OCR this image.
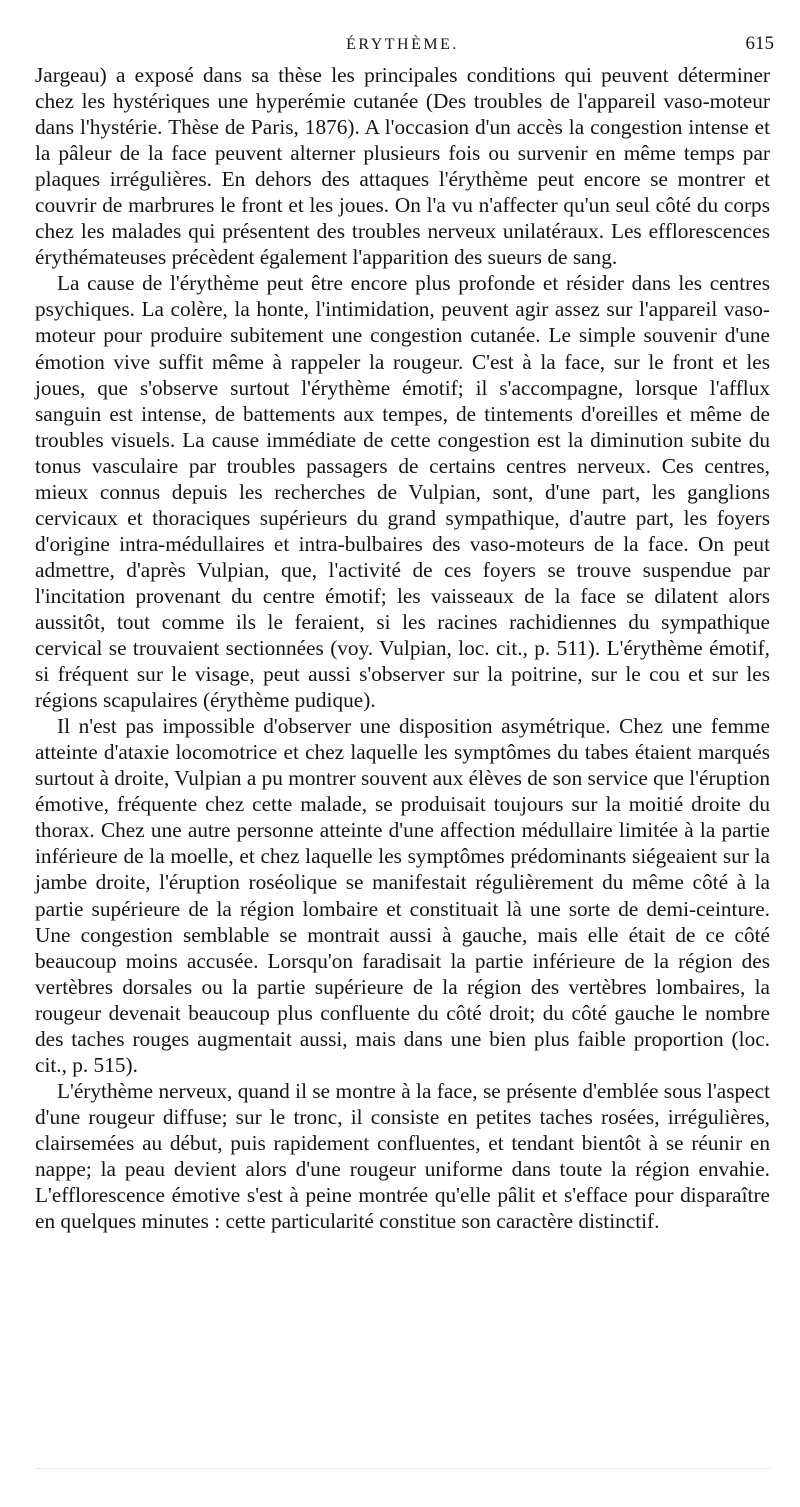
ÉRYTHÈME.	615

Jargeau) a exposé dans sa thèse les principales conditions qui peuvent déterminer chez les hystériques une hyperémie cutanée (Des troubles de l'appareil vaso-moteur dans l'hystérie. Thèse de Paris, 1876). A l'occasion d'un accès la congestion intense et la pâleur de la face peuvent alterner plusieurs fois ou survenir en même temps par plaques irrégulières. En dehors des attaques l'érythème peut encore se montrer et couvrir de marbrures le front et les joues. On l'a vu n'affecter qu'un seul côté du corps chez les malades qui présentent des troubles nerveux unilatéraux. Les efflorescences érythémateuses précèdent également l'apparition des sueurs de sang.

La cause de l'érythème peut être encore plus profonde et résider dans les centres psychiques. La colère, la honte, l'intimidation, peuvent agir assez sur l'appareil vaso-moteur pour produire subitement une congestion cutanée. Le simple souvenir d'une émotion vive suffit même à rappeler la rougeur. C'est à la face, sur le front et les joues, que s'observe surtout l'érythème émotif; il s'accompagne, lorsque l'afflux sanguin est intense, de battements aux tempes, de tintements d'oreilles et même de troubles visuels. La cause immédiate de cette congestion est la diminution subite du tonus vasculaire par troubles passagers de certains centres nerveux. Ces centres, mieux connus depuis les recherches de Vulpian, sont, d'une part, les ganglions cervicaux et thoraciques supérieurs du grand sympathique, d'autre part, les foyers d'origine intra-médullaires et intra-bulbaires des vaso-moteurs de la face. On peut admettre, d'après Vulpian, que, l'activité de ces foyers se trouve suspendue par l'incitation provenant du centre émotif; les vaisseaux de la face se dilatent alors aussitôt, tout comme ils le feraient, si les racines rachidiennes du sympathique cervical se trouvaient sectionnées (voy. Vulpian, loc. cit., p. 511). L'érythème émotif, si fréquent sur le visage, peut aussi s'observer sur la poitrine, sur le cou et sur les régions scapulaires (érythème pudique).

Il n'est pas impossible d'observer une disposition asymétrique. Chez une femme atteinte d'ataxie locomotrice et chez laquelle les symptômes du tabes étaient marqués surtout à droite, Vulpian a pu montrer souvent aux élèves de son service que l'éruption émotive, fréquente chez cette malade, se produisait toujours sur la moitié droite du thorax. Chez une autre personne atteinte d'une affection médullaire limitée à la partie inférieure de la moelle, et chez laquelle les symptômes prédominants siégeaient sur la jambe droite, l'éruption roséolique se manifestait régulièrement du même côté à la partie supérieure de la région lombaire et constituait là une sorte de demi-ceinture. Une congestion semblable se montrait aussi à gauche, mais elle était de ce côté beaucoup moins accusée. Lorsqu'on faradisait la partie inférieure de la région des vertèbres dorsales ou la partie supérieure de la région des vertèbres lombaires, la rougeur devenait beaucoup plus confluente du côté droit; du côté gauche le nombre des taches rouges augmentait aussi, mais dans une bien plus faible proportion (loc. cit., p. 515).

L'érythème nerveux, quand il se montre à la face, se présente d'emblée sous l'aspect d'une rougeur diffuse; sur le tronc, il consiste en petites taches rosées, irrégulières, clairsemées au début, puis rapidement confluentes, et tendant bientôt à se réunir en nappe; la peau devient alors d'une rougeur uniforme dans toute la région envahie. L'efflorescence émotive s'est à peine montrée qu'elle pâlit et s'efface pour disparaître en quelques minutes : cette particularité constitue son caractère distinctif.
